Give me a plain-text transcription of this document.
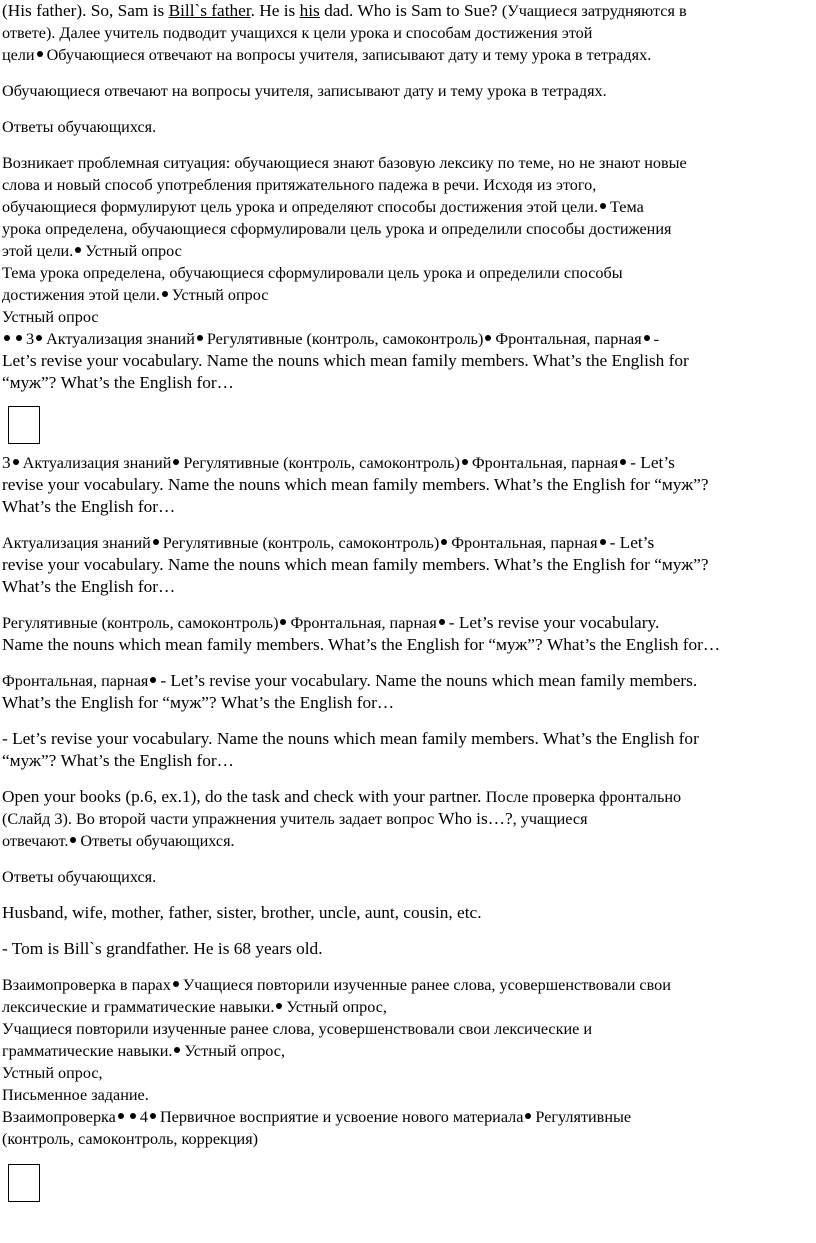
(His father). So, Sam is Bill`s father. He is his dad. Who is Sam to Sue? (Учащиеся затрудняются в
ответе). Далее учитель подводит учащихся к цели урока и способам достижения этой
цели Обучающиеся отвечают на вопросы учителя, записывают дату и тему урока в тетрадях.
Обучающиеся отвечают на вопросы учителя, записывают дату и тему урока в тетрадях.
Ответы обучающихся.
Возникает проблемная ситуация: обучающиеся знают базовую лексику по теме, но не знают новые
слова и новый способ употребления притяжательного падежа в речи. Исходя из этого,
обучающиеся формулируют цель урока и определяют способы достижения этой цели. Тема
урока определена, обучающиеся сформулировали цель урока и определили способы достижения
этой цели. Устный опрос
Тема урока определена, обучающиеся сформулировали цель урока и определили способы
достижения этой цели. Устный опрос
Устный опрос
3 Актуализация знаний Регулятивные (контроль, самоконтроль) Фронтальная, парная -
Let’s revise your vocabulary. Name the nouns which mean family members. What’s the English for
“муж”? What’s the English for…
3 Актуализация знаний Регулятивные (контроль, самоконтроль) Фронтальная, парная - Let’s
revise your vocabulary. Name the nouns which mean family members. What’s the English for “муж”?
What’s the English for…
Актуализация знаний Регулятивные (контроль, самоконтроль) Фронтальная, парная - Let’s
revise your vocabulary. Name the nouns which mean family members. What’s the English for “муж”?
What’s the English for…
Регулятивные (контроль, самоконтроль) Фронтальная, парная - Let’s revise your vocabulary.
Name the nouns which mean family members. What’s the English for “муж”? What’s the English for…
Фронтальная, парная - Let’s revise your vocabulary. Name the nouns which mean family members.
What’s the English for “муж”? What’s the English for…
- Let’s revise your vocabulary. Name the nouns which mean family members. What’s the English for
“муж”? What’s the English for…
Open your books (p.6, ex.1), do the task and check with your partner. После проверка фронтально
(Слайд 3). Во второй части упражнения учитель задает вопрос Who is…?, учащиеся
отвечают. Ответы обучающихся.
Ответы обучающихся.
Husband, wife, mother, father, sister, brother, uncle, aunt, cousin, etc.
- Tom is Bill`s grandfather. He is 68 years old.
Взаимопроверка в парах Учащиеся повторили изученные ранее слова, усовершенствовали свои
лексические и грамматические навыки. Устный опрос,
Учащиеся повторили изученные ранее слова, усовершенствовали свои лексические и
грамматические навыки. Устный опрос,
Устный опрос,
Письменное задание.
Взаимопроверка 4 Первичное восприятие и усвоение нового материала Регулятивные
(контроль, самоконтроль, коррекция)
